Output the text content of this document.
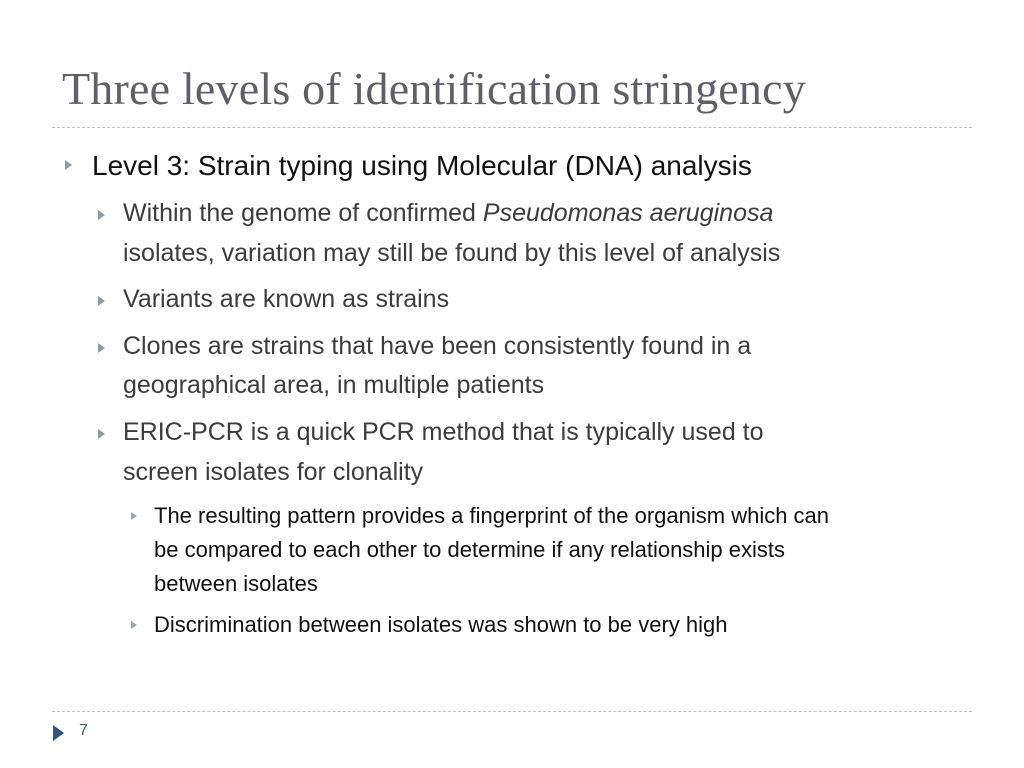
Three levels of identification stringency
Level 3: Strain typing using Molecular (DNA) analysis
Within the genome of confirmed Pseudomonas aeruginosa
isolates, variation may still be found by this level of analysis
Variants are known as strains
Clones are strains that have been consistently found in a
geographical area, in multiple patients
ERIC-PCR is a quick PCR method that is typically used to
screen isolates for clonality
The resulting pattern provides a fingerprint of the organism which can
be compared to each other to determine if any relationship exists
between isolates
Discrimination between isolates was shown to be very high
7
